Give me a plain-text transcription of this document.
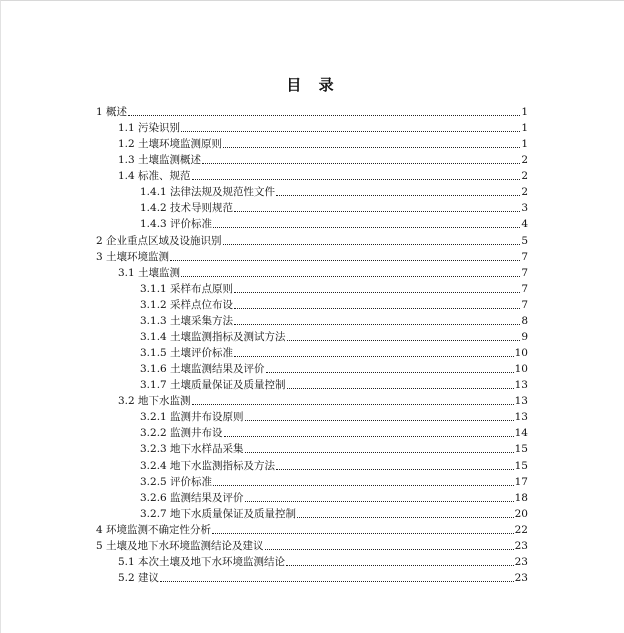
目 录
1 概述	1
1.1 污染识别	1
1.2 土壤环境监测原则	1
1.3 土壤监测概述	2
1.4 标准、规范	2
1.4.1 法律法规及规范性文件	2
1.4.2 技术导则规范	3
1.4.3 评价标准	4
2 企业重点区域及设施识别	5
3 土壤环境监测	7
3.1 土壤监测	7
3.1.1 采样布点原则	7
3.1.2 采样点位布设	7
3.1.3 土壤采集方法	8
3.1.4 土壤监测指标及测试方法	9
3.1.5 土壤评价标准	10
3.1.6 土壤监测结果及评价	10
3.1.7 土壤质量保证及质量控制	13
3.2 地下水监测	13
3.2.1 监测井布设原则	13
3.2.2 监测井布设	14
3.2.3 地下水样品采集	15
3.2.4 地下水监测指标及方法	15
3.2.5 评价标准	17
3.2.6 监测结果及评价	18
3.2.7 地下水质量保证及质量控制	20
4 环境监测不确定性分析	22
5 土壤及地下水环境监测结论及建议	23
5.1 本次土壤及地下水环境监测结论	23
5.2 建议	23
